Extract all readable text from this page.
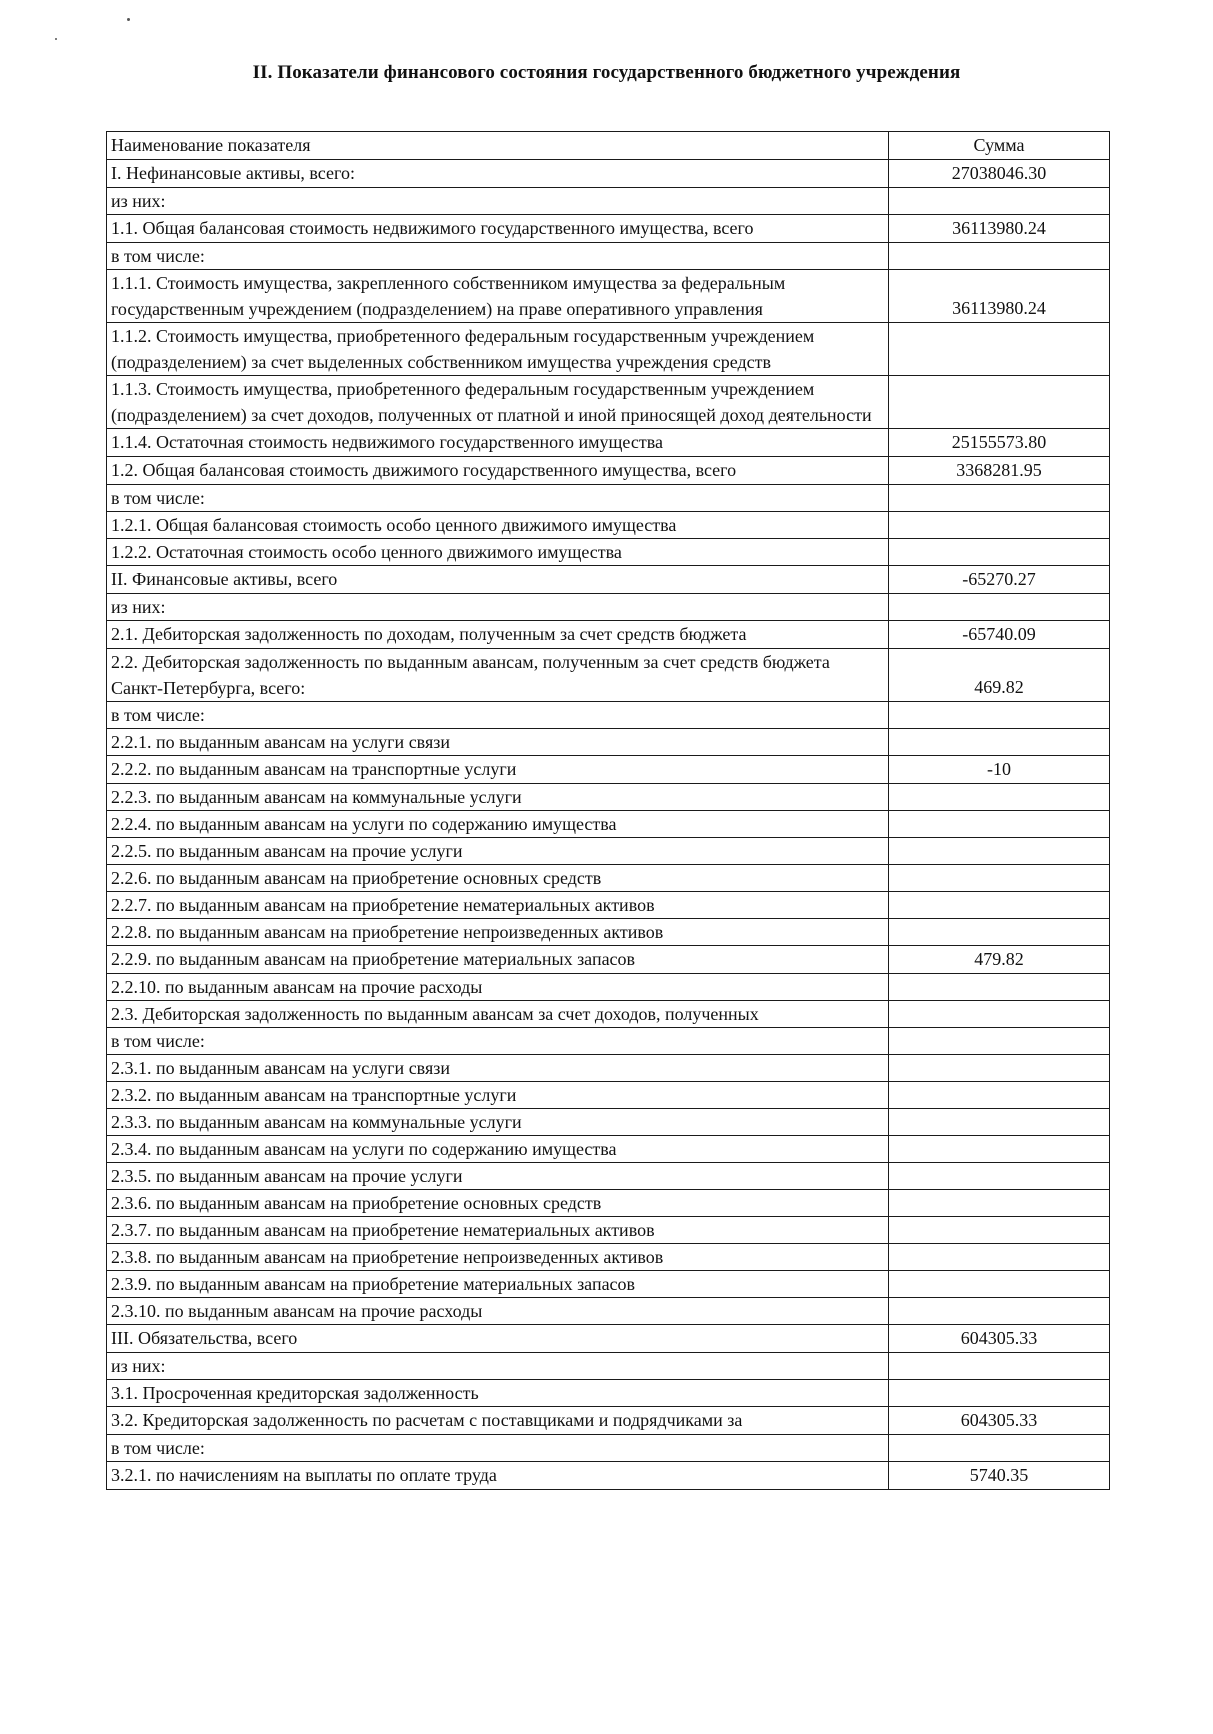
II. Показатели финансового состояния государственного бюджетного учреждения
Наименование показателя	Сумма
I. Нефинансовые активы, всего:	27038046.30
из них:	
1.1. Общая балансовая стоимость недвижимого государственного имущества, всего	36113980.24
в том числе:	
1.1.1. Стоимость имущества, закрепленного собственником имущества за федеральным государственным учреждением (подразделением) на праве оперативного управления	36113980.24
1.1.2. Стоимость имущества, приобретенного федеральным государственным учреждением (подразделением) за счет выделенных собственником имущества учреждения средств	
1.1.3. Стоимость имущества, приобретенного федеральным государственным учреждением (подразделением) за счет доходов, полученных от платной и иной приносящей доход деятельности	
1.1.4. Остаточная стоимость недвижимого государственного имущества	25155573.80
1.2. Общая балансовая стоимость движимого государственного имущества, всего	3368281.95
в том числе:	
1.2.1. Общая балансовая стоимость особо ценного движимого имущества	
1.2.2. Остаточная стоимость особо ценного движимого имущества	
II. Финансовые активы, всего	-65270.27
из них:	
2.1. Дебиторская задолженность по доходам, полученным за счет средств бюджета	-65740.09
2.2. Дебиторская задолженность по выданным авансам, полученным за счет средств бюджета Санкт-Петербурга, всего:	469.82
в том числе:	
2.2.1. по выданным авансам на услуги связи	
2.2.2. по выданным авансам на транспортные услуги	-10
2.2.3. по выданным авансам на коммунальные услуги	
2.2.4. по выданным авансам на услуги по содержанию имущества	
2.2.5. по выданным авансам на прочие услуги	
2.2.6. по выданным авансам на приобретение основных средств	
2.2.7. по выданным авансам на приобретение нематериальных активов	
2.2.8. по выданным авансам на приобретение непроизведенных активов	
2.2.9. по выданным авансам на приобретение материальных запасов	479.82
2.2.10. по выданным авансам на прочие расходы	
2.3. Дебиторская задолженность по выданным авансам за счет доходов, полученных	
в том числе:	
2.3.1. по выданным авансам на услуги связи	
2.3.2. по выданным авансам на транспортные услуги	
2.3.3. по выданным авансам на коммунальные услуги	
2.3.4. по выданным авансам на услуги по содержанию имущества	
2.3.5. по выданным авансам на прочие услуги	
2.3.6. по выданным авансам на приобретение основных средств	
2.3.7. по выданным авансам на приобретение нематериальных активов	
2.3.8. по выданным авансам на приобретение непроизведенных активов	
2.3.9. по выданным авансам на приобретение материальных запасов	
2.3.10. по выданным авансам на прочие расходы	
III. Обязательства, всего	604305.33
из них:	
3.1. Просроченная кредиторская задолженность	
3.2. Кредиторская задолженность по расчетам с поставщиками и подрядчиками за	604305.33
в том числе:	
3.2.1. по начислениям на выплаты по оплате труда	5740.35
